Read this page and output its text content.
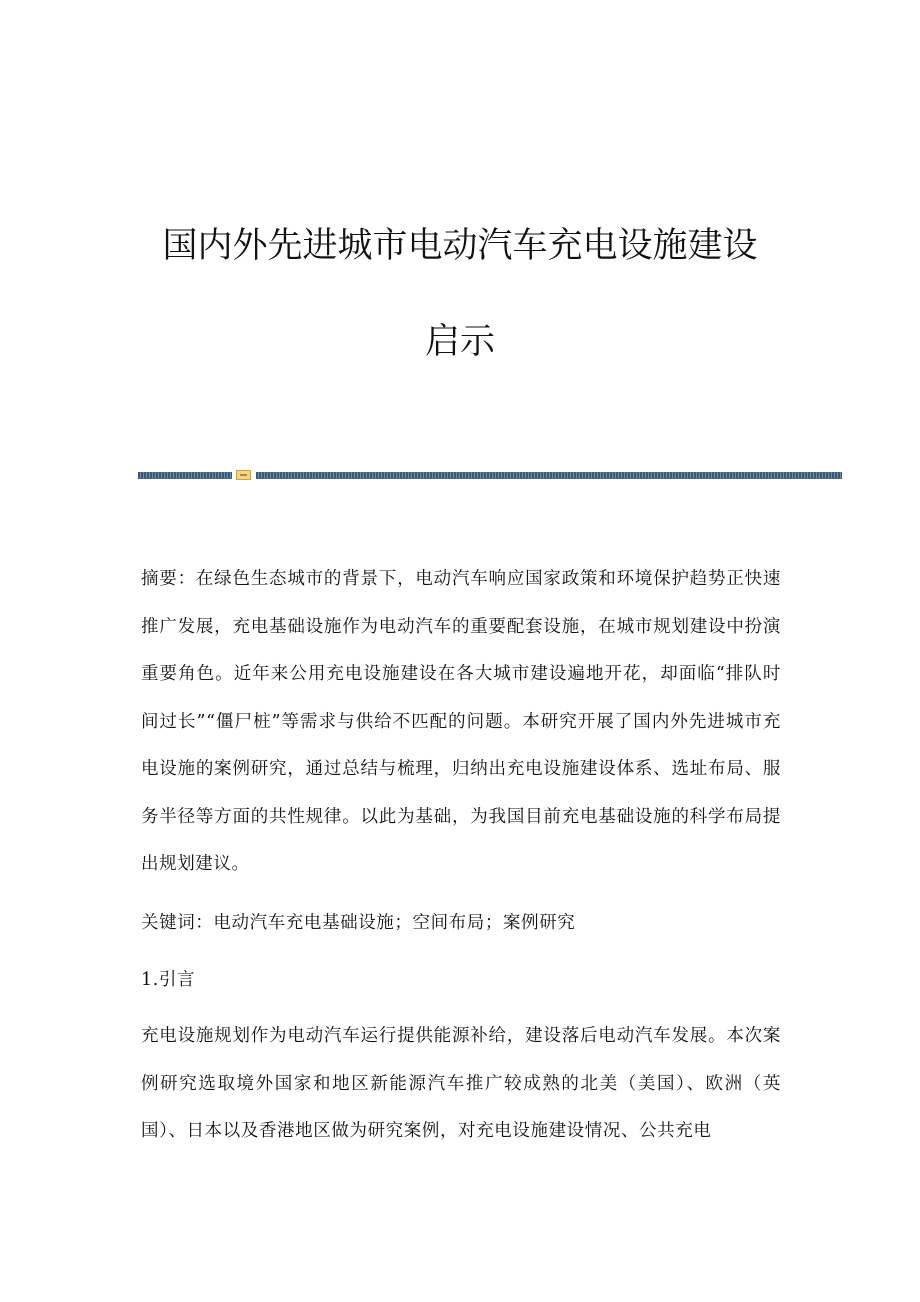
国内外先进城市电动汽车充电设施建设
启示

摘要：在绿色生态城市的背景下，电动汽车响应国家政策和环境保护趋势正快速推广发展，充电基础设施作为电动汽车的重要配套设施，在城市规划建设中扮演重要角色。近年来公用充电设施建设在各大城市建设遍地开花，却面临“排队时间过长”“僵尸桩”等需求与供给不匹配的问题。本研究开展了国内外先进城市充电设施的案例研究，通过总结与梳理，归纳出充电设施建设体系、选址布局、服务半径等方面的共性规律。以此为基础，为我国目前充电基础设施的科学布局提出规划建议。

关键词：电动汽车充电基础设施；空间布局；案例研究

1.引言

充电设施规划作为电动汽车运行提供能源补给，建设落后电动汽车发展。本次案例研究选取境外国家和地区新能源汽车推广较成熟的北美（美国）、欧洲（英国）、日本以及香港地区做为研究案例，对充电设施建设情况、公共充电
